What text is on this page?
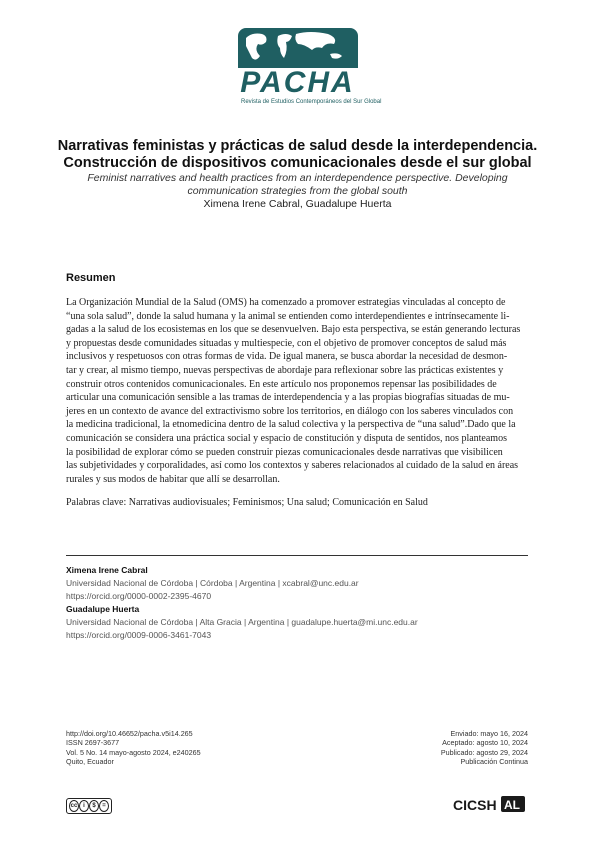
PACHA
Revista de Estudios Contemporáneos del Sur Global
Narrativas feministas y prácticas de salud desde la interdependencia.
Construcción de dispositivos comunicacionales desde el sur global
Feminist narratives and health practices from an interdependence perspective. Developing
communication strategies from the global south
Ximena Irene Cabral, Guadalupe Huerta
Resumen
La Organización Mundial de la Salud (OMS) ha comenzado a promover estrategias vinculadas al concepto de
“una sola salud”, donde la salud humana y la animal se entienden como interdependientes e intrínsecamente li-
gadas a la salud de los ecosistemas en los que se desenvuelven. Bajo esta perspectiva, se están generando lecturas
y propuestas desde comunidades situadas y multiespecie, con el objetivo de promover conceptos de salud más
inclusivos y respetuosos con otras formas de vida. De igual manera, se busca abordar la necesidad de desmon-
tar y crear, al mismo tiempo, nuevas perspectivas de abordaje para reflexionar sobre las prácticas existentes y
construir otros contenidos comunicacionales. En este artículo nos proponemos repensar las posibilidades de
articular una comunicación sensible a las tramas de interdependencia y a las propias biografías situadas de mu-
jeres en un contexto de avance del extractivismo sobre los territorios, en diálogo con los saberes vinculados con
la medicina tradicional, la etnomedicina dentro de la salud colectiva y la perspectiva de “una salud”.Dado que la
comunicación se considera una práctica social y espacio de constitución y disputa de sentidos, nos planteamos
la posibilidad de explorar cómo se pueden construir piezas comunicacionales desde narrativas que visibilicen
las subjetividades y corporalidades, así como los contextos y saberes relacionados al cuidado de la salud en áreas
rurales y sus modos de habitar que allí se desarrollan.
Palabras clave: Narrativas audiovisuales; Feminismos; Una salud; Comunicación en Salud
Ximena Irene Cabral
Universidad Nacional de Córdoba | Córdoba | Argentina | xcabral@unc.edu.ar
https://orcid.org/0000-0002-2395-4670
Guadalupe Huerta
Universidad Nacional de Córdoba | Alta Gracia | Argentina | guadalupe.huerta@mi.unc.edu.ar
https://orcid.org/0009-0006-3461-7043
http://doi.org/10.46652/pacha.v5i14.265
ISSN 2697-3677
Vol. 5 No. 14 mayo-agosto 2024, e240265
Quito, Ecuador
Enviado: mayo 16, 2024
Aceptado: agosto 10, 2024
Publicado: agosto 29, 2024
Publicación Continua
cc i	$	=	CICSH AL
